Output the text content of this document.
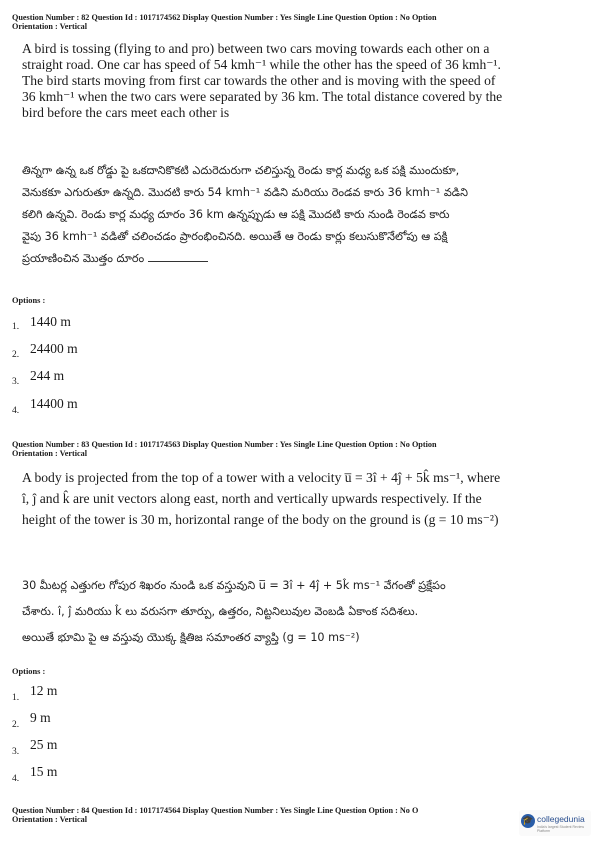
Question Number : 82 Question Id : 1017174562 Display Question Number : Yes Single Line Question Option : No Option
Orientation : Vertical
A bird is tossing (flying to and pro) between two cars moving towards each other on a
straight road. One car has speed of 54 kmh⁻¹ while the other has the speed of 36 kmh⁻¹.
The bird starts moving from first car towards the other and is moving with the speed of
36 kmh⁻¹ when the two cars were separated by 36 km. The total distance covered by the
bird before the cars meet each other is
తిన్నగా ఉన్న ఒక రోడ్డు పై ఒకదానికొకటి ఎదురెదురుగా చలిస్తున్న రెండు కార్ల మధ్య ఒక పక్షి ముందుకూ,
వెనుకకూ ఎగురుతూ ఉన్నది. మొదటి కారు 54 kmh⁻¹ వడిని మరియు రెండవ కారు 36 kmh⁻¹ వడిని
కలిగి ఉన్నవి. రెండు కార్ల మధ్య దూరం 36 km ఉన్నప్పుడు ఆ పక్షి మొదటి కారు నుండి రెండవ కారు
వైపు 36 kmh⁻¹ వడితో చలించడం ప్రారంభించినది. అయితే ఆ రెండు కార్లు కలుసుకొనేలోపు ఆ పక్షి
ప్రయాణించిన మొత్తం దూరం
Options :
1. 1440 m
2. 24400 m
3. 244 m
4. 14400 m
Question Number : 83 Question Id : 1017174563 Display Question Number : Yes Single Line Question Option : No Option
Orientation : Vertical
A body is projected from the top of a tower with a velocity u̅ = 3î + 4ĵ + 5k̂ ms⁻¹, where
î, ĵ and k̂ are unit vectors along east, north and vertically upwards respectively. If the
height of the tower is 30 m, horizontal range of the body on the ground is (g = 10 ms⁻²)
30 మీటర్ల ఎత్తుగల గోపుర శిఖరం నుండి ఒక వస్తువుని u̅ = 3î + 4ĵ + 5k̂ ms⁻¹ వేగంతో ప్రక్షేపం
చేశారు. î, ĵ మరియు k̂ లు వరుసగా తూర్పు, ఉత్తరం, నిట్టనిలువుల వెంబడి ఏకాంక సదిశలు.
అయితే భూమి పై ఆ వస్తువు యొక్క క్షితిజ సమాంతర వ్యాప్తి (g = 10 ms⁻²)
Options :
1. 12 m
2. 9 m
3. 25 m
4. 15 m
Question Number : 84 Question Id : 1017174564 Display Question Number : Yes Single Line Question Option : No O
Orientation : Vertical	🎓 collegedunia
India's largest Student Review Platform
